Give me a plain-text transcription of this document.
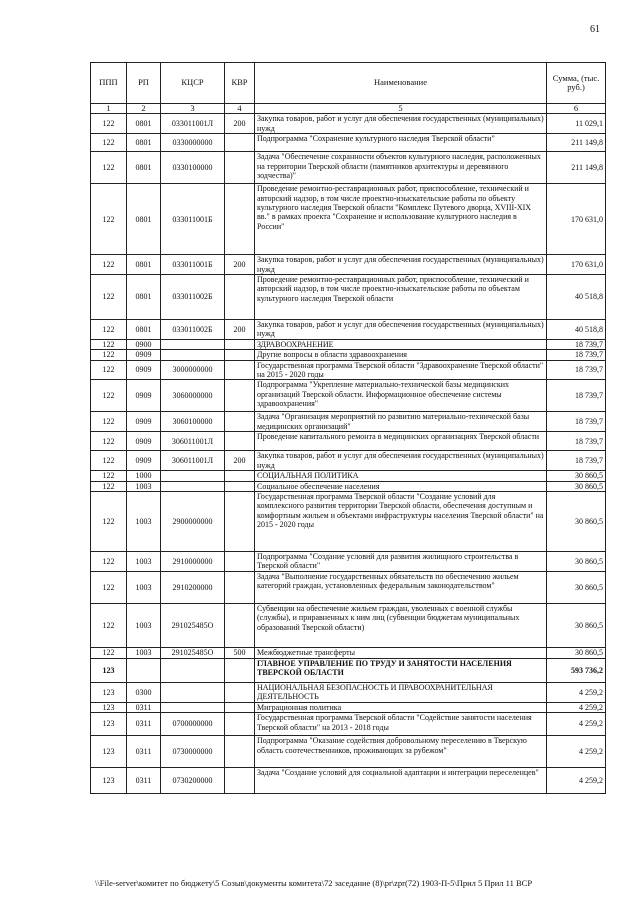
61
ППП	РП	КЦСР	КВР	Наименование	Сумма, (тыс. руб.)
1	2	3	4	5	6
122	0801	033011001Л	200	Закупка товаров, работ и услуг для обеспечения государственных (муниципальных) нужд	11 029,1
122	0801	0330000000		Подпрограмма "Сохранение культурного наследия Тверской области"	211 149,8
122	0801	0330100000		Задача "Обеспечение сохранности объектов культурного наследия, расположенных на территории Тверской области (памятников архитектуры и деревянного зодчества)"	211 149,8
122	0801	033011001Б		Проведение ремонтно-реставрационных работ, приспособление, технический и авторский надзор, в том числе проектно-изыскательские работы по объекту культурного наследия Тверской области "Комплекс Путевого дворца, XVIII-XIX вв." в рамках проекта "Сохранение и использование культурного наследия в России"	170 631,0
122	0801	033011001Б	200	Закупка товаров, работ и услуг для обеспечения государственных (муниципальных) нужд	170 631,0
122	0801	033011002Б		Проведение ремонтно-реставрационных работ, приспособление, технический и авторский надзор, в том числе проектно-изыскательские работы по объектам культурного наследия Тверской области	40 518,8
122	0801	033011002Б	200	Закупка товаров, работ и услуг для обеспечения государственных (муниципальных) нужд	40 518,8
122	0900			ЗДРАВООХРАНЕНИЕ	18 739,7
122	0909			Другие вопросы в области здравоохранения	18 739,7
122	0909	3000000000		Государственная программа Тверской области "Здравоохранение Тверской области" на 2015 - 2020 годы	18 739,7
122	0909	3060000000		Подпрограмма "Укрепление материально-технической базы медицинских организаций Тверской области. Информационное обеспечение системы здравоохранения"	18 739,7
122	0909	3060100000		Задача "Организация мероприятий по развитию материально-технической базы медицинских организаций"	18 739,7
122	0909	306011001Л		Проведение капитального ремонта в медицинских организациях Тверской области	18 739,7
122	0909	306011001Л	200	Закупка товаров, работ и услуг для обеспечения государственных (муниципальных) нужд	18 739,7
122	1000			СОЦИАЛЬНАЯ ПОЛИТИКА	30 860,5
122	1003			Социальное обеспечение населения	30 860,5
122	1003	2900000000		Государственная программа Тверской области "Создание условий для комплексного развития территории Тверской области, обеспечения доступным и комфортным жильем и объектами инфраструктуры населения Тверской области" на 2015 - 2020 годы	30 860,5
122	1003	2910000000		Подпрограмма "Создание условий для развития жилищного строительства в Тверской области"	30 860,5
122	1003	2910200000		Задача "Выполнение государственных обязательств по обеспечению жильем категорий граждан, установленных федеральным законодательством"	30 860,5
122	1003	291025485О		Субвенции на обеспечение жильем граждан, уволенных с военной службы (службы), и приравненных к ним лиц (субвенции бюджетам муниципальных образований Тверской области)	30 860,5
122	1003	291025485О	500	Межбюджетные трансферты	30 860,5
123				ГЛАВНОЕ УПРАВЛЕНИЕ ПО ТРУДУ И ЗАНЯТОСТИ НАСЕЛЕНИЯ ТВЕРСКОЙ ОБЛАСТИ	593 736,2
123	0300			НАЦИОНАЛЬНАЯ БЕЗОПАСНОСТЬ И ПРАВООХРАНИТЕЛЬНАЯ ДЕЯТЕЛЬНОСТЬ	4 259,2
123	0311			Миграционная политика	4 259,2
123	0311	0700000000		Государственная программа Тверской области "Содействие занятости населения Тверской области" на 2013 - 2018 годы	4 259,2
123	0311	0730000000		Подпрограмма "Оказание содействия добровольному переселению в Тверскую область соотечественников, проживающих за рубежом"	4 259,2
123	0311	0730200000		Задача "Создание условий для социальной адаптации и интеграции переселенцев"	4 259,2
\\File-server\комитет по бюджету\5 Созыв\документы комитета\72 заседание (8)\pr\zpr(72) 1903-П-5\Прил 5 Прил 11 ВСР
